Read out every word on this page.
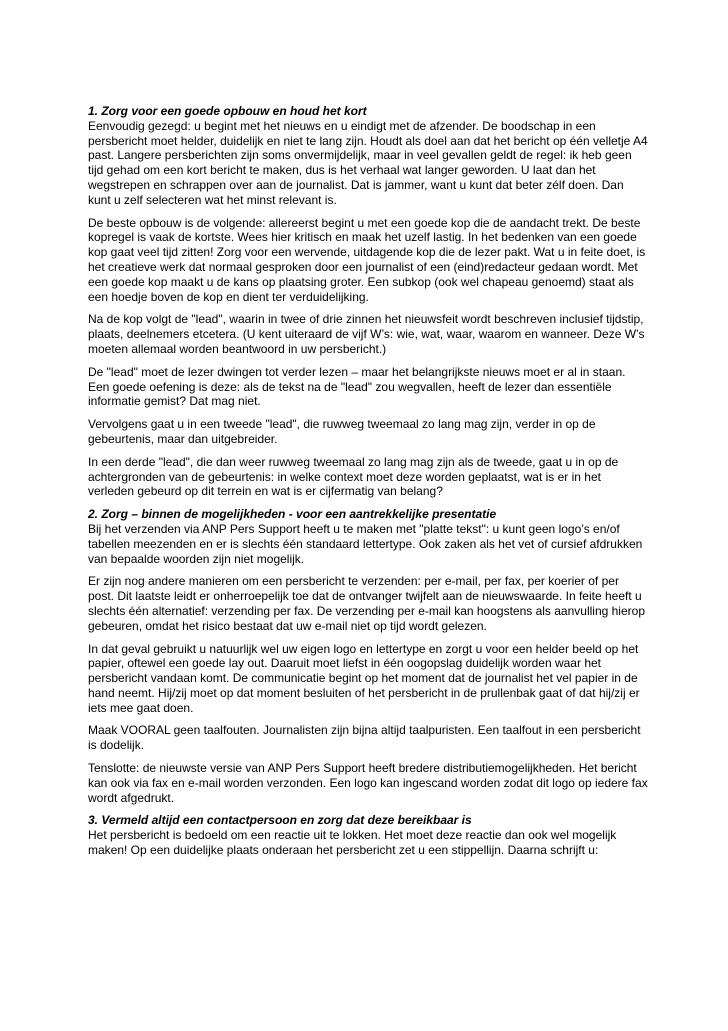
1. Zorg voor een goede opbouw en houd het kort

Eenvoudig gezegd: u begint met het nieuws en u eindigt met de afzender. De boodschap in een persbericht moet helder, duidelijk en niet te lang zijn. Houdt als doel aan dat het bericht op één velletje A4 past. Langere persberichten zijn soms onvermijdelijk, maar in veel gevallen geldt de regel: ik heb geen tijd gehad om een kort bericht te maken, dus is het verhaal wat langer geworden. U laat dan het wegstrepen en schrappen over aan de journalist. Dat is jammer, want u kunt dat beter zélf doen. Dan kunt u zelf selecteren wat het minst relevant is.

De beste opbouw is de volgende: allereerst begint u met een goede kop die de aandacht trekt. De beste kopregel is vaak de kortste. Wees hier kritisch en maak het uzelf lastig. In het bedenken van een goede kop gaat veel tijd zitten! Zorg voor een wervende, uitdagende kop die de lezer pakt. Wat u in feite doet, is het creatieve werk dat normaal gesproken door een journalist of een (eind)redacteur gedaan wordt. Met een goede kop maakt u de kans op plaatsing groter. Een subkop (ook wel chapeau genoemd) staat als een hoedje boven de kop en dient ter verduidelijking.

Na de kop volgt de "lead", waarin in twee of drie zinnen het nieuwsfeit wordt beschreven inclusief tijdstip, plaats, deelnemers etcetera. (U kent uiteraard de vijf W’s: wie, wat, waar, waarom en wanneer. Deze W’s moeten allemaal worden beantwoord in uw persbericht.)

De "lead" moet de lezer dwingen tot verder lezen – maar het belangrijkste nieuws moet er al in staan. Een goede oefening is deze: als de tekst na de "lead" zou wegvallen, heeft de lezer dan essentiële informatie gemist? Dat mag niet.

Vervolgens gaat u in een tweede "lead", die ruwweg tweemaal zo lang mag zijn, verder in op de gebeurtenis, maar dan uitgebreider.

In een derde "lead", die dan weer ruwweg tweemaal zo lang mag zijn als de tweede, gaat u in op de achtergronden van de gebeurtenis: in welke context moet deze worden geplaatst, wat is er in het verleden gebeurd op dit terrein en wat is er cijfermatig van belang?

2. Zorg – binnen de mogelijkheden - voor een aantrekkelijke presentatie

Bij het verzenden via ANP Pers Support heeft u te maken met "platte tekst": u kunt geen logo’s en/of tabellen meezenden en er is slechts één standaard lettertype. Ook zaken als het vet of cursief afdrukken van bepaalde woorden zijn niet mogelijk.

Er zijn nog andere manieren om een persbericht te verzenden: per e-mail, per fax, per koerier of per post. Dit laatste leidt er onherroepelijk toe dat de ontvanger twijfelt aan de nieuwswaarde. In feite heeft u slechts één alternatief: verzending per fax. De verzending per e-mail kan hoogstens als aanvulling hierop gebeuren, omdat het risico bestaat dat uw e-mail niet op tijd wordt gelezen.

In dat geval gebruikt u natuurlijk wel uw eigen logo en lettertype en zorgt u voor een helder beeld op het papier, oftewel een goede lay out. Daaruit moet liefst in één oogopslag duidelijk worden waar het persbericht vandaan komt. De communicatie begint op het moment dat de journalist het vel papier in de hand neemt. Hij/zij moet op dat moment besluiten of het persbericht in de prullenbak gaat of dat hij/zij er iets mee gaat doen.

Maak VOORAL geen taalfouten. Journalisten zijn bijna altijd taalpuristen. Een taalfout in een persbericht is dodelijk.

Tenslotte: de nieuwste versie van ANP Pers Support heeft bredere distributiemogelijkheden. Het bericht kan ook via fax en e-mail worden verzonden. Een logo kan ingescand worden zodat dit logo op iedere fax wordt afgedrukt.

3. Vermeld altijd een contactpersoon en zorg dat deze bereikbaar is

Het persbericht is bedoeld om een reactie uit te lokken. Het moet deze reactie dan ook wel mogelijk maken! Op een duidelijke plaats onderaan het persbericht zet u een stippellijn. Daarna schrijft u:
